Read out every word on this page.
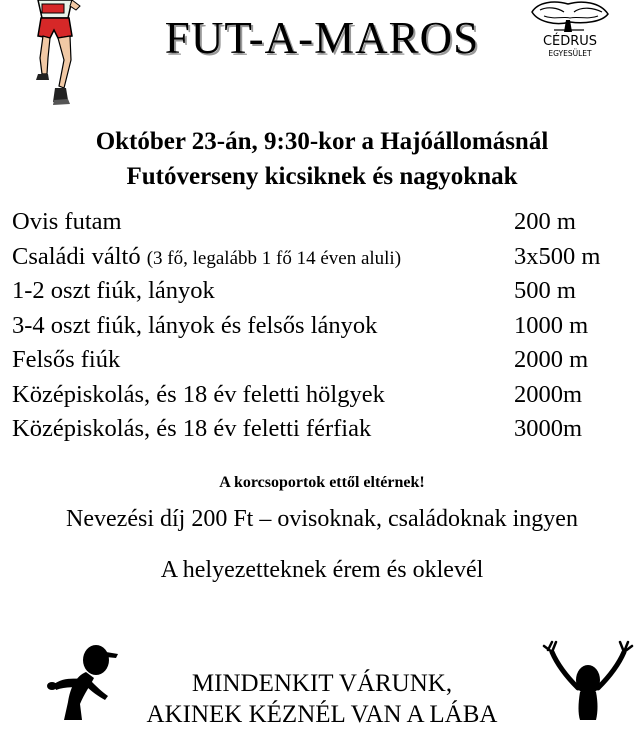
FUT-A-MAROS	CÉDRUS
EGYESÜLET
Október 23-án, 9:30-kor a Hajóállomásnál
Futóverseny kicsiknek és nagyoknak
Ovis futam	200 m
Családi váltó (3 fő, legalább 1 fő 14 éven aluli)	3x500 m
1-2 oszt fiúk, lányok	500 m
3-4 oszt fiúk, lányok és felsős lányok	1000 m
Felsős fiúk	2000 m
Középiskolás, és 18 év feletti hölgyek	2000m
Középiskolás, és 18 év feletti férfiak	3000m
A korcsoportok ettől eltérnek!
Nevezési díj 200 Ft – ovisoknak, családoknak ingyen
A helyezetteknek érem és oklevél
MINDENKIT VÁRUNK,
AKINEK KÉZNÉL VAN A LÁBA
